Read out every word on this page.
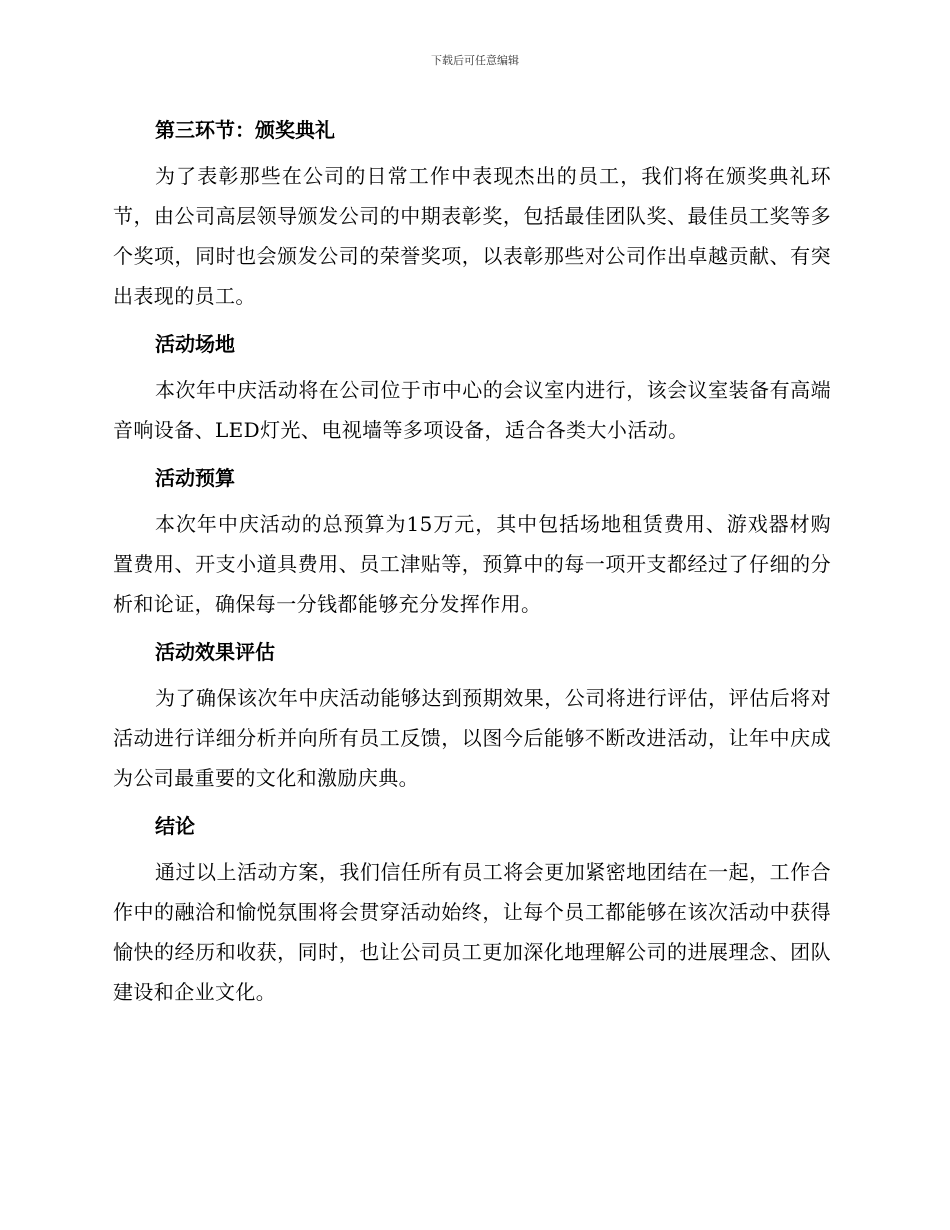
下载后可任意编辑
第三环节：颁奖典礼

为了表彰那些在公司的日常工作中表现杰出的员工，我们将在颁奖典礼环节，由公司高层领导颁发公司的中期表彰奖，包括最佳团队奖、最佳员工奖等多个奖项，同时也会颁发公司的荣誉奖项，以表彰那些对公司作出卓越贡献、有突出表现的员工。

活动场地

本次年中庆活动将在公司位于市中心的会议室内进行，该会议室装备有高端音响设备、LED灯光、电视墙等多项设备，适合各类大小活动。

活动预算

本次年中庆活动的总预算为15万元，其中包括场地租赁费用、游戏器材购置费用、开支小道具费用、员工津贴等，预算中的每一项开支都经过了仔细的分析和论证，确保每一分钱都能够充分发挥作用。

活动效果评估

为了确保该次年中庆活动能够达到预期效果，公司将进行评估，评估后将对活动进行详细分析并向所有员工反馈，以图今后能够不断改进活动，让年中庆成为公司最重要的文化和激励庆典。

结论

通过以上活动方案，我们信任所有员工将会更加紧密地团结在一起，工作合作中的融洽和愉悦氛围将会贯穿活动始终，让每个员工都能够在该次活动中获得愉快的经历和收获，同时，也让公司员工更加深化地理解公司的进展理念、团队建设和企业文化。
